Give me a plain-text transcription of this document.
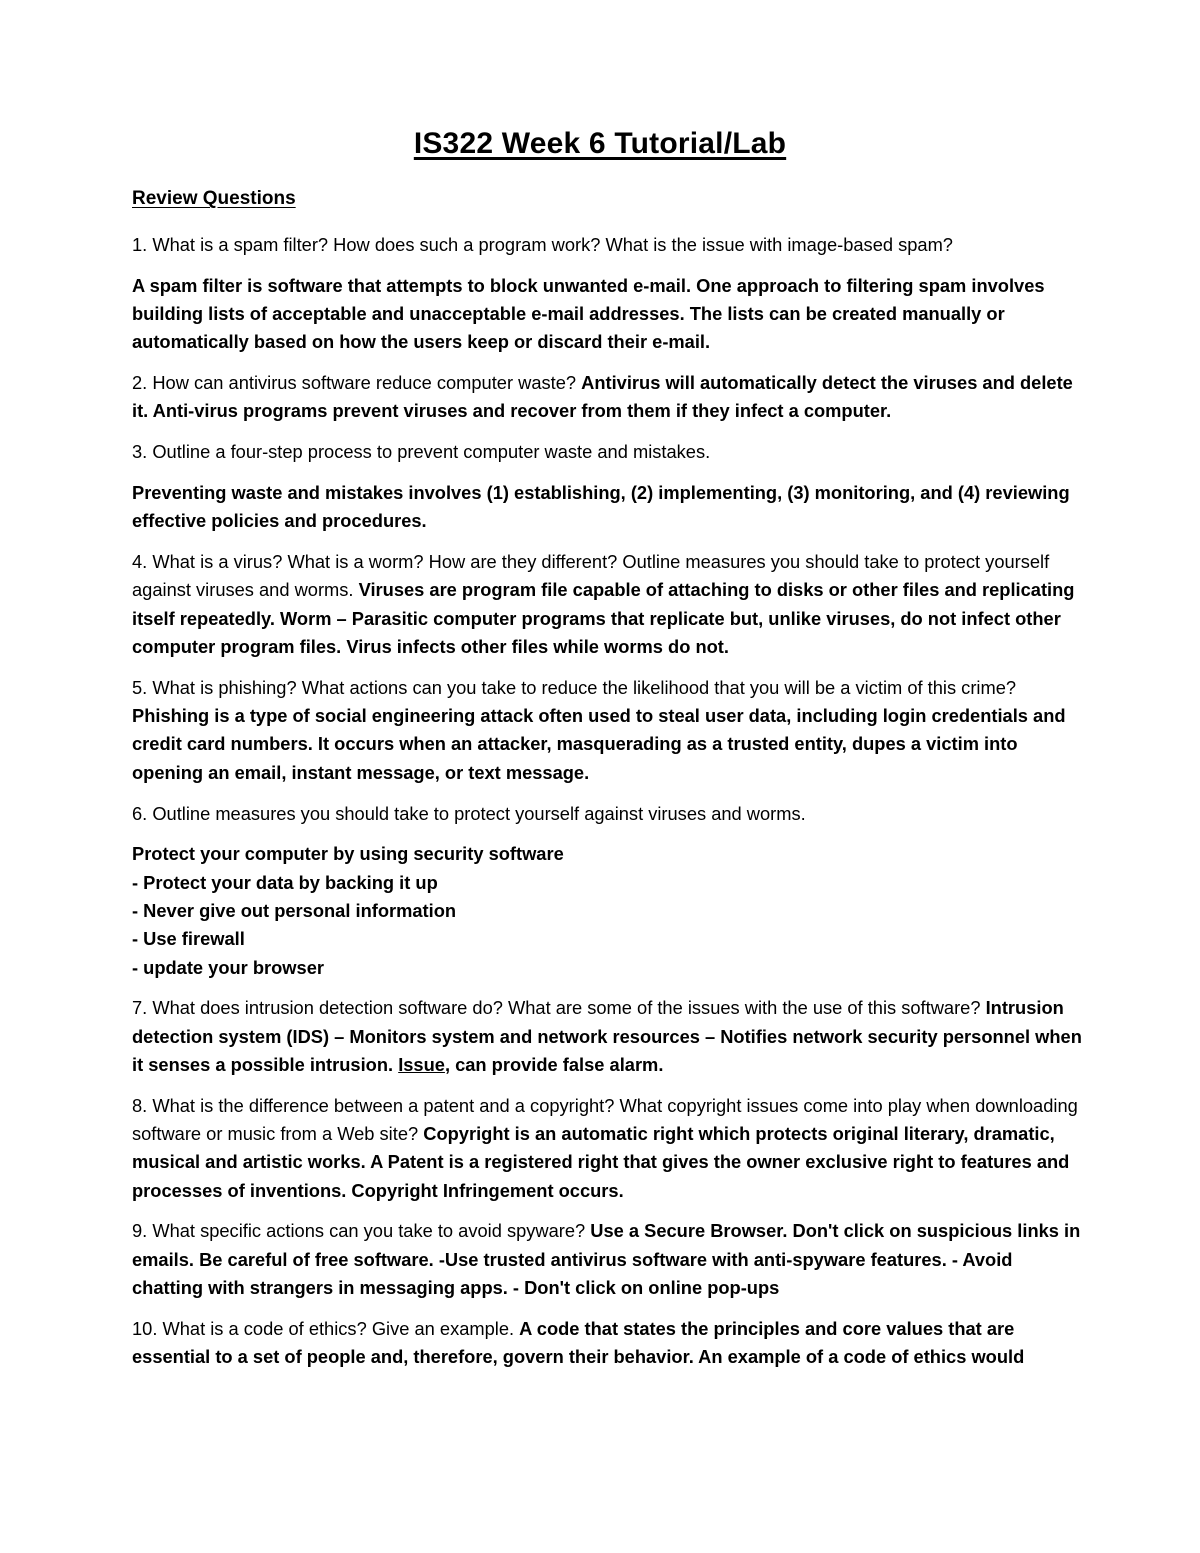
IS322 Week 6 Tutorial/Lab
Review Questions

1. What is a spam filter? How does such a program work? What is the issue with image-based spam?

A spam filter is software that attempts to block unwanted e-mail. One approach to filtering spam involves building lists of acceptable and unacceptable e-mail addresses. The lists can be created manually or automatically based on how the users keep or discard their e-mail.

2. How can antivirus software reduce computer waste? Antivirus will automatically detect the viruses and delete it. Anti-virus programs prevent viruses and recover from them if they infect a computer.

3. Outline a four-step process to prevent computer waste and mistakes.

Preventing waste and mistakes involves (1) establishing, (2) implementing, (3) monitoring, and (4) reviewing effective policies and procedures.

4. What is a virus? What is a worm? How are they different? Outline measures you should take to protect yourself against viruses and worms. Viruses are program file capable of attaching to disks or other files and replicating itself repeatedly. Worm – Parasitic computer programs that replicate but, unlike viruses, do not infect other computer program files. Virus infects other files while worms do not.

5. What is phishing? What actions can you take to reduce the likelihood that you will be a victim of this crime? Phishing is a type of social engineering attack often used to steal user data, including login credentials and credit card numbers. It occurs when an attacker, masquerading as a trusted entity, dupes a victim into opening an email, instant message, or text message.

6. Outline measures you should take to protect yourself against viruses and worms.

Protect your computer by using security software
- Protect your data by backing it up
- Never give out personal information
- Use firewall
- update your browser

7. What does intrusion detection software do? What are some of the issues with the use of this software? Intrusion detection system (IDS) – Monitors system and network resources – Notifies network security personnel when it senses a possible intrusion. Issue, can provide false alarm.

8. What is the difference between a patent and a copyright? What copyright issues come into play when downloading software or music from a Web site? Copyright is an automatic right which protects original literary, dramatic, musical and artistic works. A Patent is a registered right that gives the owner exclusive right to features and processes of inventions. Copyright Infringement occurs.

9. What specific actions can you take to avoid spyware? Use a Secure Browser. Don't click on suspicious links in emails. Be careful of free software. -Use trusted antivirus software with anti-spyware features. - Avoid chatting with strangers in messaging apps. - Don't click on online pop-ups

10. What is a code of ethics? Give an example. A code that states the principles and core values that are essential to a set of people and, therefore, govern their behavior. An example of a code of ethics would
